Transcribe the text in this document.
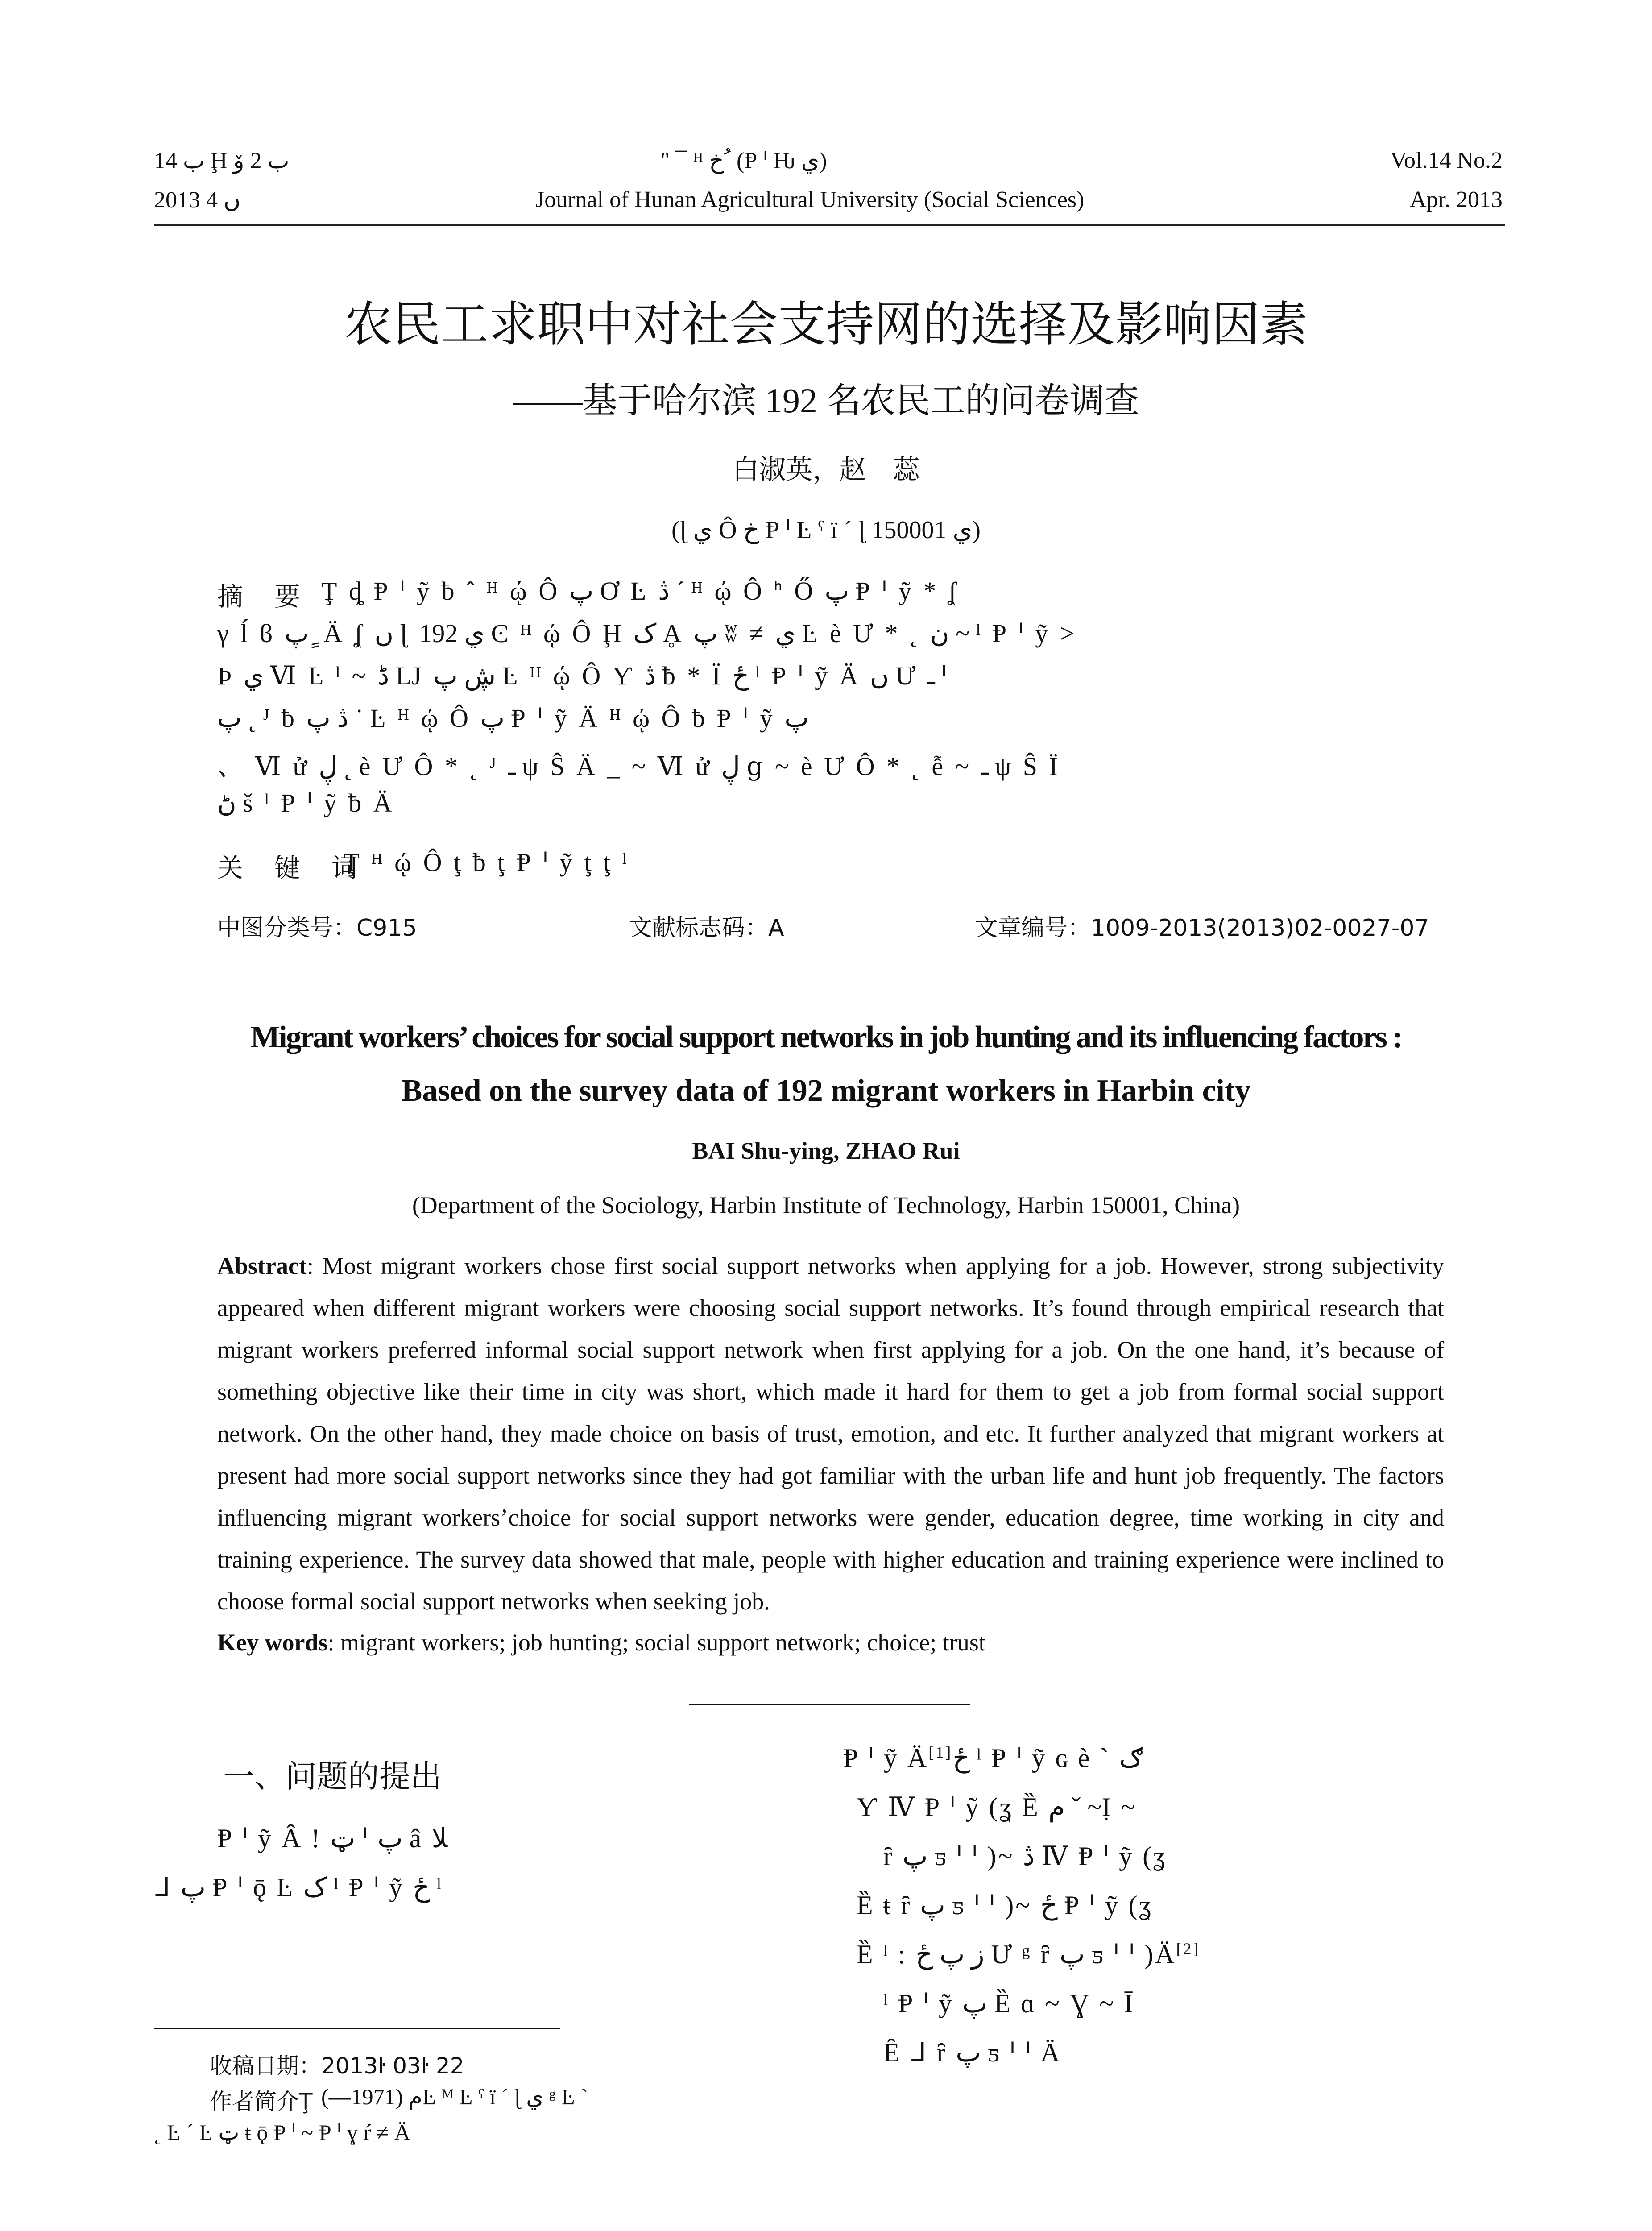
ب 14 Ḩ ب 2 ۆ	" ¯ ᴴ خ ُ (Ᵽ ᑊ Ƕ ي)	Vol.14 No.2
2013 ں 4	Journal of Hunan Agricultural University (Social Sciences)	Apr. 2013
农民工求职中对社会支持网的选择及影响因素
——基于哈尔滨 192 名农民工的问卷调查
白淑英，赵　蕊
(ɭ ي Ô خ Ᵽ ᑊ Ŀ ˤ ї ´ ɭ ي 150001)
摘　要 Ţ ȡ Ᵽ ᑊ ỹ ƀ ˆ ᴴ ῴ Ô پ Ơ Ŀ ڎ ´ ᴴ ῴ Ô ᑋ Ő پ Ᵽ ᑊ ỹ * ʆ
γ ĺ ϐ پ ٍ Ä ʆ ں ɭ ي 192 Ͼ ᴴ ῴ Ô Ḩ ک Ḁ پ ʬ ≠ ي Ŀ è Ư * ˛ ن ~ ˡ Ᵽ ᑊ ỹ >
Ϸ ي Ⅵ Ŀ ˡ ~ ڈ Ǉ ڜ پ Ŀ ᴴ ῴ Ô Ƴ ڎ ƀ * Ї ځ ˡ Ᵽ ᑊ ỹ Ä ں Ư ـ ᑊ
پ ˛ ᴶ ƀ ڎ پ ˙ Ŀ ᴴ ῴ Ô پ Ᵽ ᑊ ỹ Ä ᴴ ῴ Ô ƀ Ᵽ ᑊ ỹ پ
、 Ⅵ ử ڸ ˛ è Ư Ô * ˛ ᴶ ـ ψ Ŝ Ä _ ~ Ⅵ ử ڸ ց ~ è Ư Ô * ˛ ễ ~ ـ ψ Ŝ Ї
ڻ š ˡ Ᵽ ᑊ ỹ ƀ Ä
关　键　词
Ţ ᴴ ῴ Ô ţ ƀ ţ Ᵽ ᑊ ỹ ţ ţ ˡ
中图分类号：C915	文献标志码：A	文章编号：1009-2013(2013)02-0027-07
Migrant workers’ choices for social support networks in job hunting and its influencing factors :
Based on the survey data of 192 migrant workers in Harbin city
BAI Shu-ying, ZHAO Rui
(Department of the Sociology, Harbin Institute of Technology, Harbin 150001, China)
Abstract: Most migrant workers chose first social support networks when applying for a job. However, strong subjectivity appeared when different migrant workers were choosing social support networks. It’s found through empirical research that migrant workers preferred informal social support network when first applying for a job. On the one hand, it’s because of something objective like their time in city was short, which made it hard for them to get a job from formal social support network. On the other hand, they made choice on basis of trust, emotion, and etc. It further analyzed that migrant workers at present had more social support networks since they had got familiar with the urban life and hunt job frequently. The factors influencing migrant workers’choice for social support networks were gender, education degree, time working in city and training experience. The survey data showed that male, people with higher education and training experience were inclined to choose formal social support networks when seeking job.
Key words: migrant workers; job hunting; social support network; choice; trust
一、问题的提出
Ᵽ ᑊ ỹ Â ǃ ټ ᑊ پ â ﻼ
ᒧ پ Ᵽ ᑊ ǭ Ŀ ک ˡ Ᵽ ᑊ ỹ ځ ˡ
收稿日期：2013ŀ 03ŀ 22
作者简介Ţ ﻡ (1971—)Ŀ ᴹ Ŀ ˤ ї ´ ɭ ي ᵍ Ŀ ˋ
˛ Ŀ ´ Ŀ ټ ŧ ǭ Ᵽ ᑊ ~ Ᵽ ᑊ ɣ ŕ ≠ Ä
Ᵽ ᑊ ỹ Ä[1]ځ ˡ Ᵽ ᑊ ỹ ɢ è ˋ ګ
Ƴ Ⅳ Ᵽ ᑊ ỹ (ʓ Ȅ ﻡ ˇ ~Ị ~
ȓ پ ƽ ᑊ ᑊ )~ ڎ Ⅳ Ᵽ ᑊ ỹ (ʓ
Ȅ ŧ ȓ پ ƽ ᑊ ᑊ )~ ځ Ᵽ ᑊ ỹ (ʓ
Ȅ ˡ : ز پ ځ Ư ᵍ ȓ پ ƽ ᑊ ᑊ )Ä[2]
ˡ Ᵽ ᑊ ỹ پ Ȅ ɑ ~ Ɣ ~ Ī
Ȇ ᒧ ȓ پ ƽ ᑊ ᑊ Ä
